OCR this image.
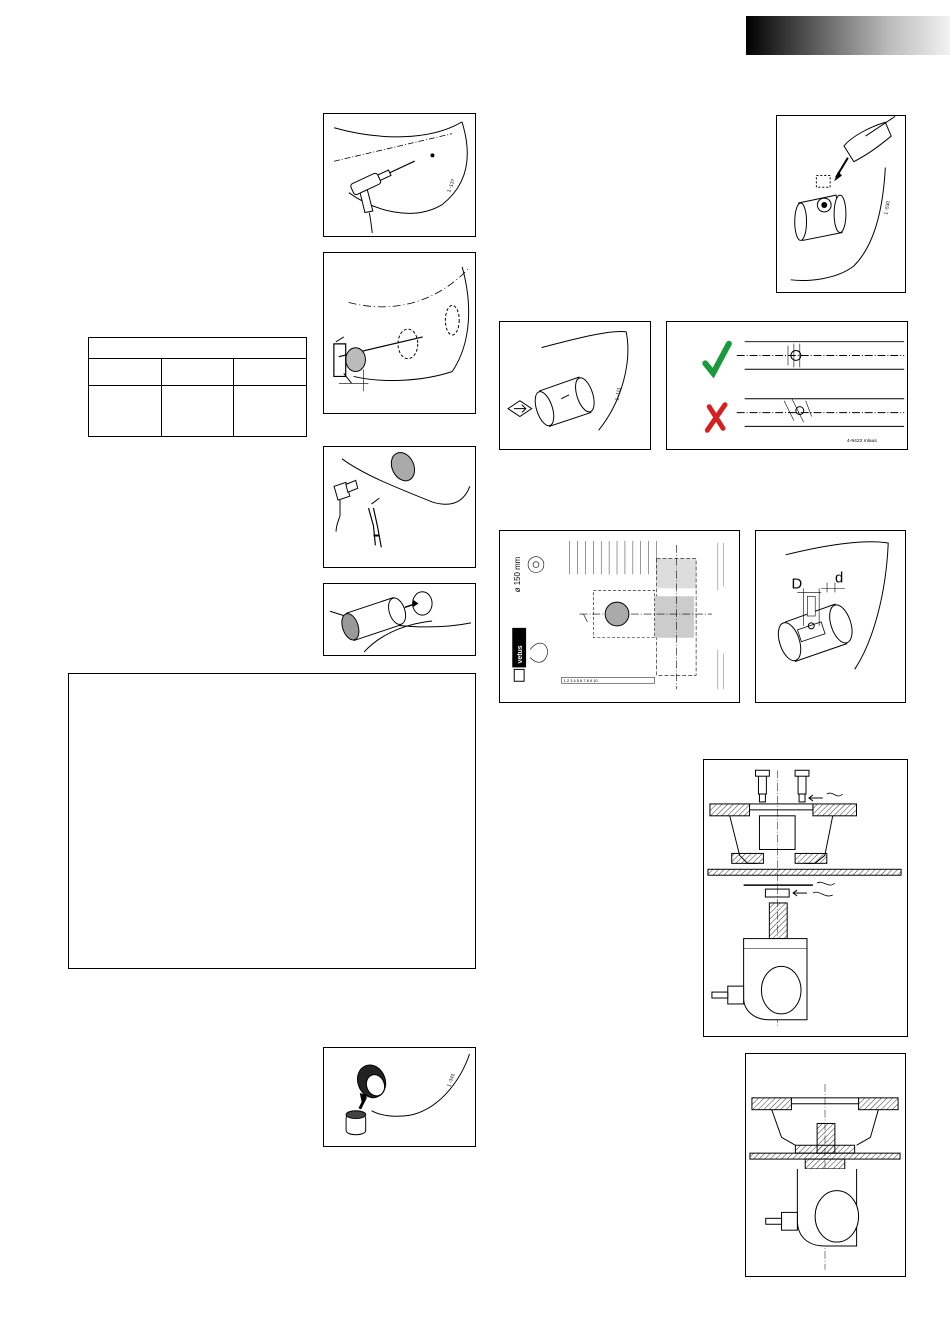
1 -137

1 -341
1 -530
1 -111
4-9422 mlaus
ø 150 mm
vetus
1 2 3 4 5 6 7 8 9 10
D d
